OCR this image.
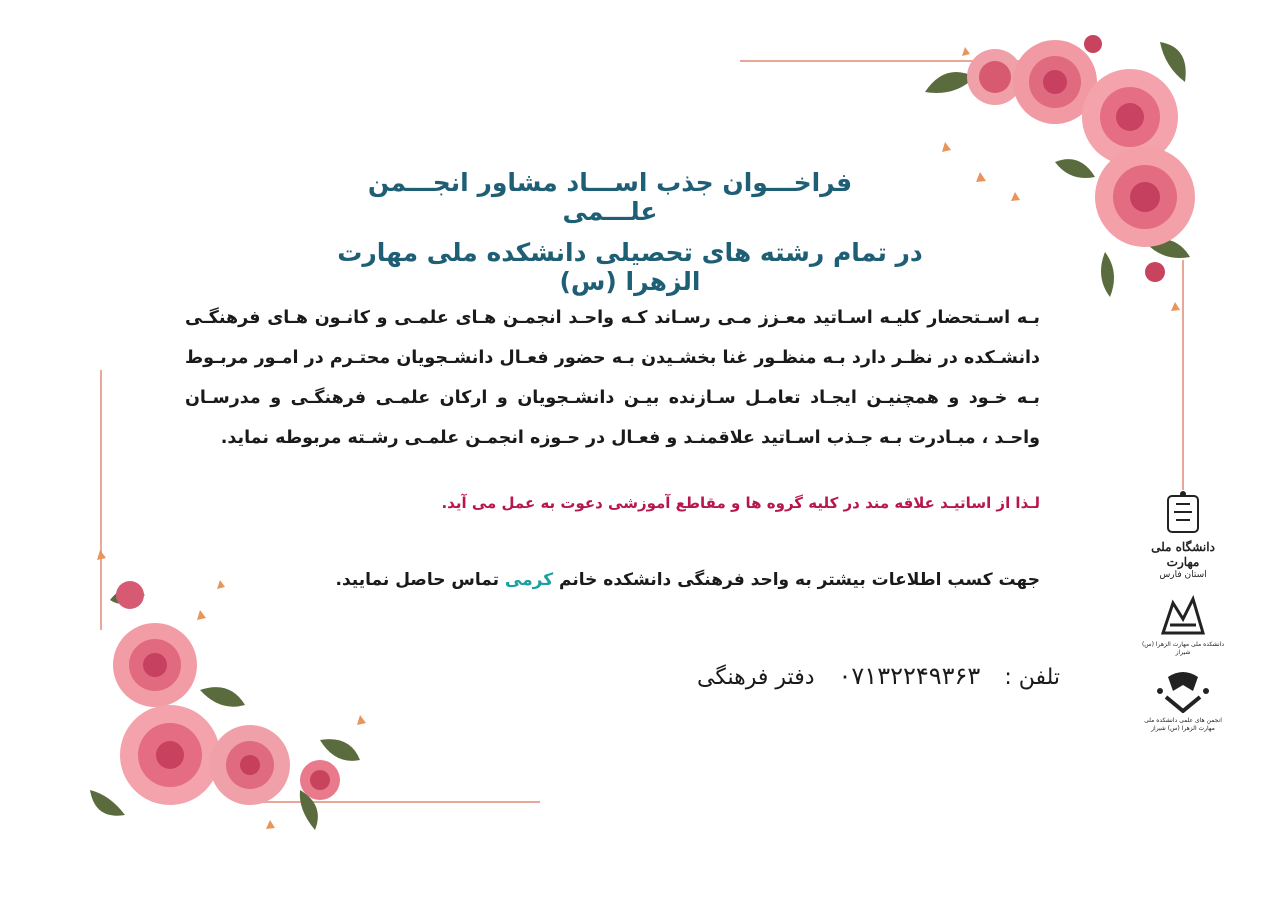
فراخـــوان جذب اســـاد مشاور انجـــمن علـــمی
در تمام رشته های تحصیلی دانشکده ملی مهارت الزهرا (س)
بـه اسـتحضار کلیـه اسـاتید معـزز مـی رسـاند کـه واحـد انجمـن هـای علمـی و کانـون هـای فرهنگـی دانشـکده در نظـر دارد بـه منظـور غنا بخشـیدن بـه حضور فعـال دانشـجویان محتـرم در امـور مربـوط بـه خـود و همچنیـن ایجـاد تعامـل سـازنده بیـن دانشـجویان و ارکان علمـی فرهنگـی و مدرسـان واحـد ، مبـادرت بـه جـذب اسـاتید علاقمنـد و فعـال در حـوزه انجمـن علمـی رشـته مربوطه نماید.
لـذا از اساتیـد علاقه مند در کلیه گروه ها و مقاطع آموزشی دعوت به عمل می آید.
جهت کسب اطلاعات بیشتر به واحد فرهنگی دانشکده خانم کرمی تماس حاصل نمایید.
تلفن :۰۷۱۳۲۲۴۹۳۶۳دفتر فرهنگی
دانشگاه ملی مهارت
استان فارس
دانشکده ملی مهارت الزهرا (س) شیراز
انجمن های علمی دانشکده ملی مهارت الزهرا (س) شیراز
